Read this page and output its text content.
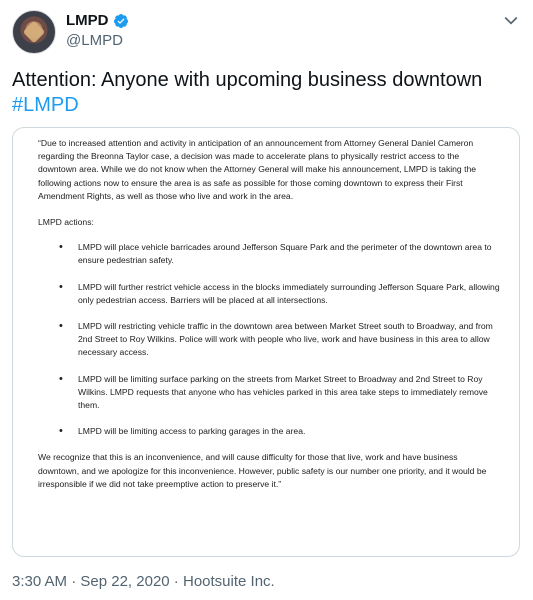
LMPD
@LMPD
Attention: Anyone with upcoming business downtown
#LMPD

“Due to increased attention and activity in anticipation of an announcement from Attorney General Daniel Cameron regarding the Breonna Taylor case, a decision was made to accelerate plans to physically restrict access to the downtown area. While we do not know when the Attorney General will make his announcement, LMPD is taking the following actions now to ensure the area is as safe as possible for those coming downtown to express their First Amendment Rights, as well as those who live and work in the area.

LMPD actions:

• LMPD will place vehicle barricades around Jefferson Square Park and the perimeter of the downtown area to ensure pedestrian safety.
• LMPD will further restrict vehicle access in the blocks immediately surrounding Jefferson Square Park, allowing only pedestrian access. Barriers will be placed at all intersections.
• LMPD will restricting vehicle traffic in the downtown area between Market Street south to Broadway, and from 2nd Street to Roy Wilkins. Police will work with people who live, work and have business in this area to allow necessary access.
• LMPD will be limiting surface parking on the streets from Market Street to Broadway and 2nd Street to Roy Wilkins. LMPD requests that anyone who has vehicles parked in this area take steps to immediately remove them.
• LMPD will be limiting access to parking garages in the area.

We recognize that this is an inconvenience, and will cause difficulty for those that live, work and have business downtown, and we apologize for this inconvenience. However, public safety is our number one priority, and it would be irresponsible if we did not take preemptive action to preserve it.”

3:30 AM · Sep 22, 2020 · Hootsuite Inc.
